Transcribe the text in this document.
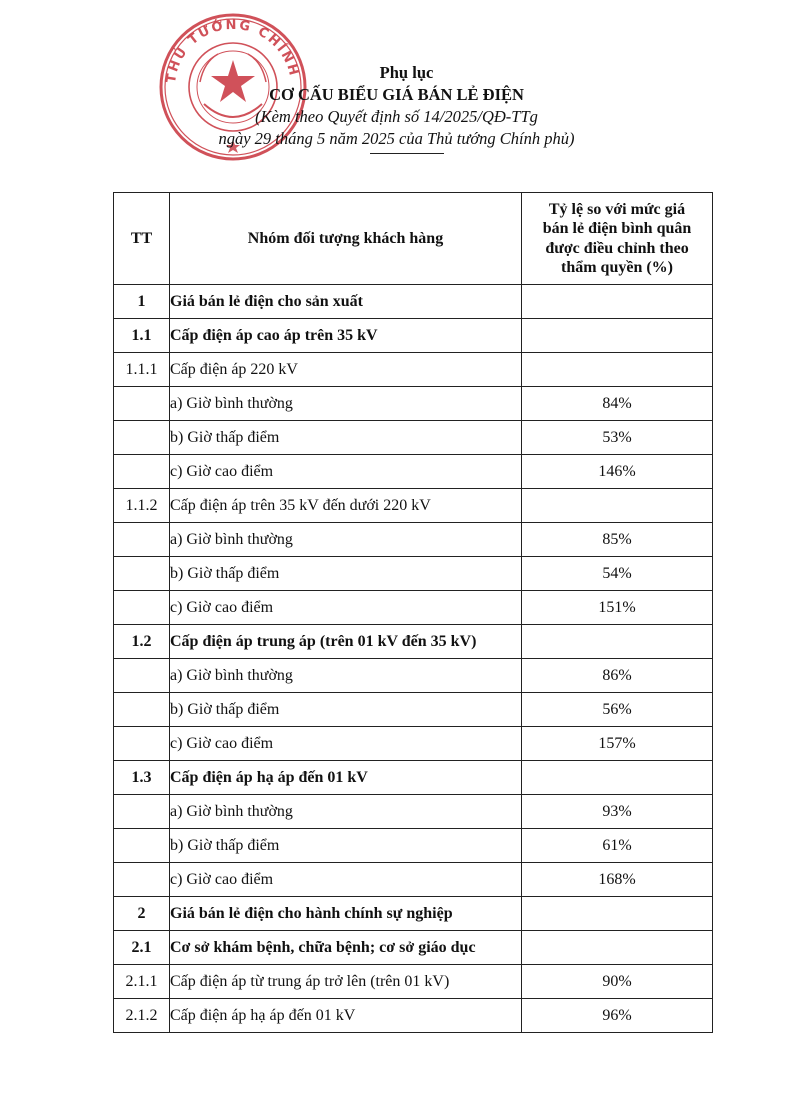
THỦ TƯỚNG CHÍNH	Phụ lục
CƠ CẤU BIỂU GIÁ BÁN LẺ ĐIỆN
(Kèm theo Quyết định số 14/2025/QĐ-TTg
ngày 29 tháng 5 năm 2025 của Thủ tướng Chính phủ)
TT	Nhóm đối tượng khách hàng	Tỷ lệ so với mức giá
bán lẻ điện bình quân
được điều chỉnh theo
thẩm quyền (%)

1	Giá bán lẻ điện cho sản xuất	
1.1	Cấp điện áp cao áp trên 35 kV	
1.1.1	Cấp điện áp 220 kV	
	a) Giờ bình thường	84%
	b) Giờ thấp điểm	53%
	c) Giờ cao điểm	146%
1.1.2	Cấp điện áp trên 35 kV đến dưới 220 kV	
	a) Giờ bình thường	85%
	b) Giờ thấp điểm	54%
	c) Giờ cao điểm	151%
1.2	Cấp điện áp trung áp (trên 01 kV đến 35 kV)	
	a) Giờ bình thường	86%
	b) Giờ thấp điểm	56%
	c) Giờ cao điểm	157%
1.3	Cấp điện áp hạ áp đến 01 kV	
	a) Giờ bình thường	93%
	b) Giờ thấp điểm	61%
	c) Giờ cao điểm	168%
2	Giá bán lẻ điện cho hành chính sự nghiệp	
2.1	Cơ sở khám bệnh, chữa bệnh; cơ sở giáo dục	
2.1.1	Cấp điện áp từ trung áp trở lên (trên 01 kV)	90%
2.1.2	Cấp điện áp hạ áp đến 01 kV	96%
